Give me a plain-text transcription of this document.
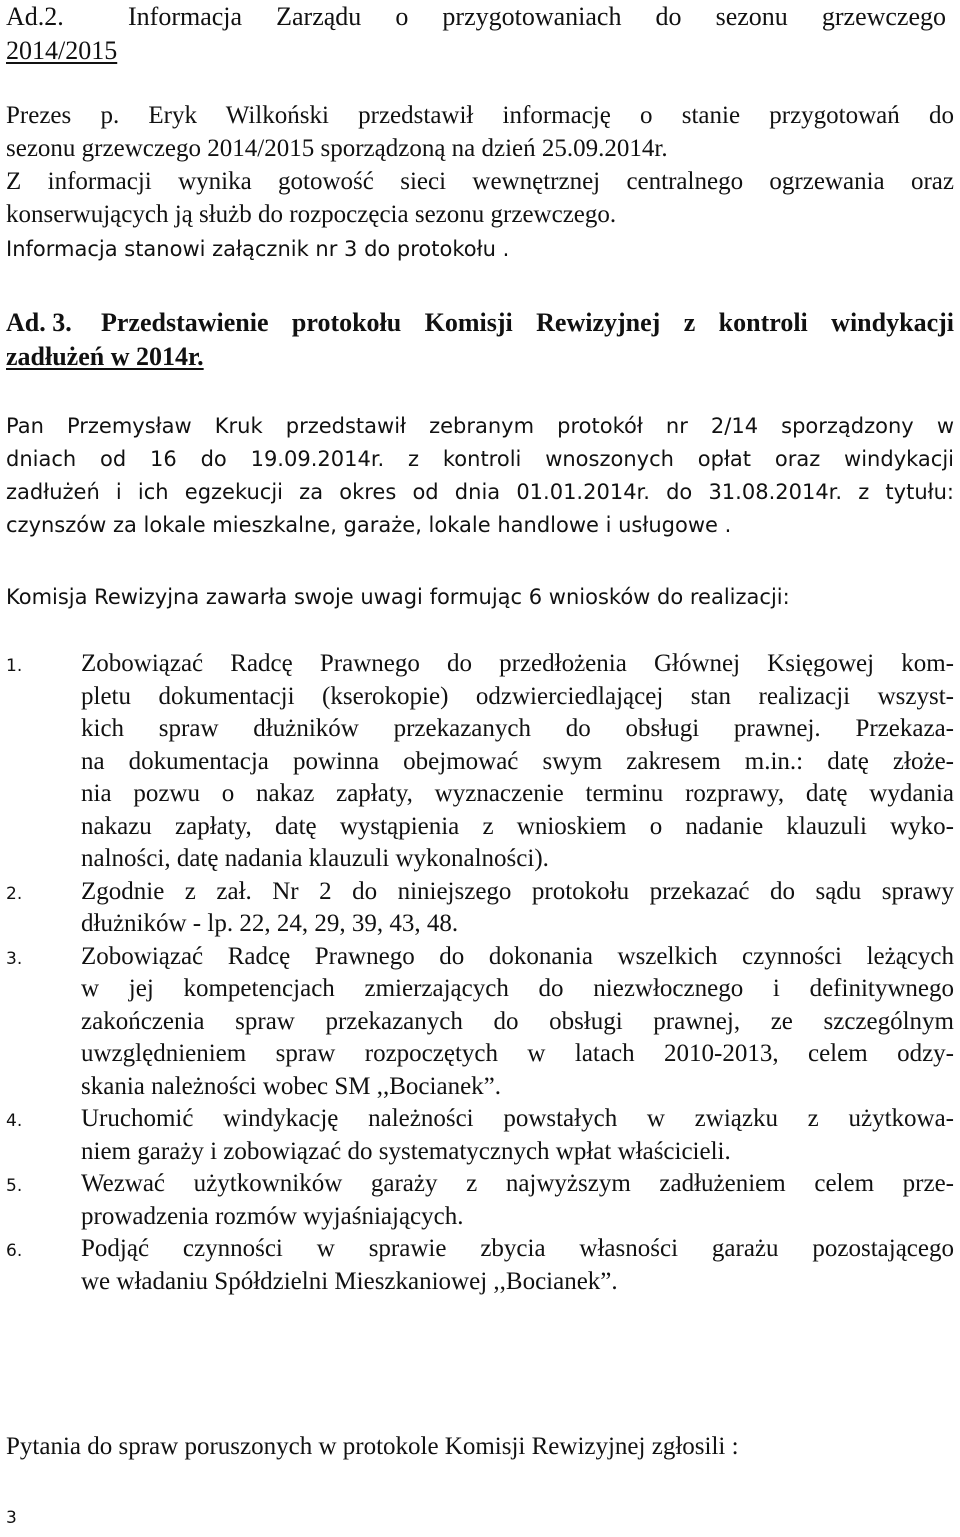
Ad.2. Informacja Zarządu o przygotowaniach do sezonu grzewczego
2014/2015
Prezes p. Eryk Wilkoński przedstawił informację o stanie przygotowań do
sezonu grzewczego 2014/2015 sporządzoną na dzień 25.09.2014r.
Z informacji wynika gotowość sieci wewnętrznej centralnego ogrzewania oraz
konserwujących ją służb do rozpoczęcia sezonu grzewczego.
Informacja stanowi załącznik nr 3 do protokołu .
Ad. 3. Przedstawienie protokołu Komisji Rewizyjnej z kontroli windykacji
zadłużeń w 2014r.
Pan Przemysław Kruk przedstawił zebranym protokół nr 2/14 sporządzony w
dniach od 16 do 19.09.2014r. z kontroli wnoszonych opłat oraz windykacji
zadłużeń i ich egzekucji za okres od dnia 01.01.2014r. do 31.08.2014r. z tytułu:
czynszów za lokale mieszkalne, garaże, lokale handlowe i usługowe .
Komisja Rewizyjna zawarła swoje uwagi formując 6 wniosków do realizacji:
1. Zobowiązać Radcę Prawnego do przedłożenia Głównej Księgowej kom-
pletu dokumentacji (kserokopie) odzwierciedlającej stan realizacji wszyst-
kich spraw dłużników przekazanych do obsługi prawnej. Przekaza-
na dokumentacja powinna obejmować swym zakresem m.in.: datę złoże-
nia pozwu o nakaz zapłaty, wyznaczenie terminu rozprawy, datę wydania
nakazu zapłaty, datę wystąpienia z wnioskiem o nadanie klauzuli wyko-
nalności, datę nadania klauzuli wykonalności).
2. Zgodnie z zał. Nr 2 do niniejszego protokołu przekazać do sądu sprawy
dłużników - lp. 22, 24, 29, 39, 43, 48.
3. Zobowiązać Radcę Prawnego do dokonania wszelkich czynności leżących
w jej kompetencjach zmierzających do niezwłocznego i definitywnego
zakończenia spraw przekazanych do obsługi prawnej, ze szczególnym
uwzględnieniem spraw rozpoczętych w latach 2010-2013, celem odzy-
skania należności wobec SM ,,Bocianek”.
4. Uruchomić windykację należności powstałych w związku z użytkowa-
niem garaży i zobowiązać do systematycznych wpłat właścicieli.
5. Wezwać użytkowników garaży z najwyższym zadłużeniem celem prze-
prowadzenia rozmów wyjaśniających.
6. Podjąć czynności w sprawie zbycia własności garażu pozostającego
we władaniu Spółdzielni Mieszkaniowej ,,Bocianek”.
Pytania do spraw poruszonych w protokole Komisji Rewizyjnej zgłosili :
3
